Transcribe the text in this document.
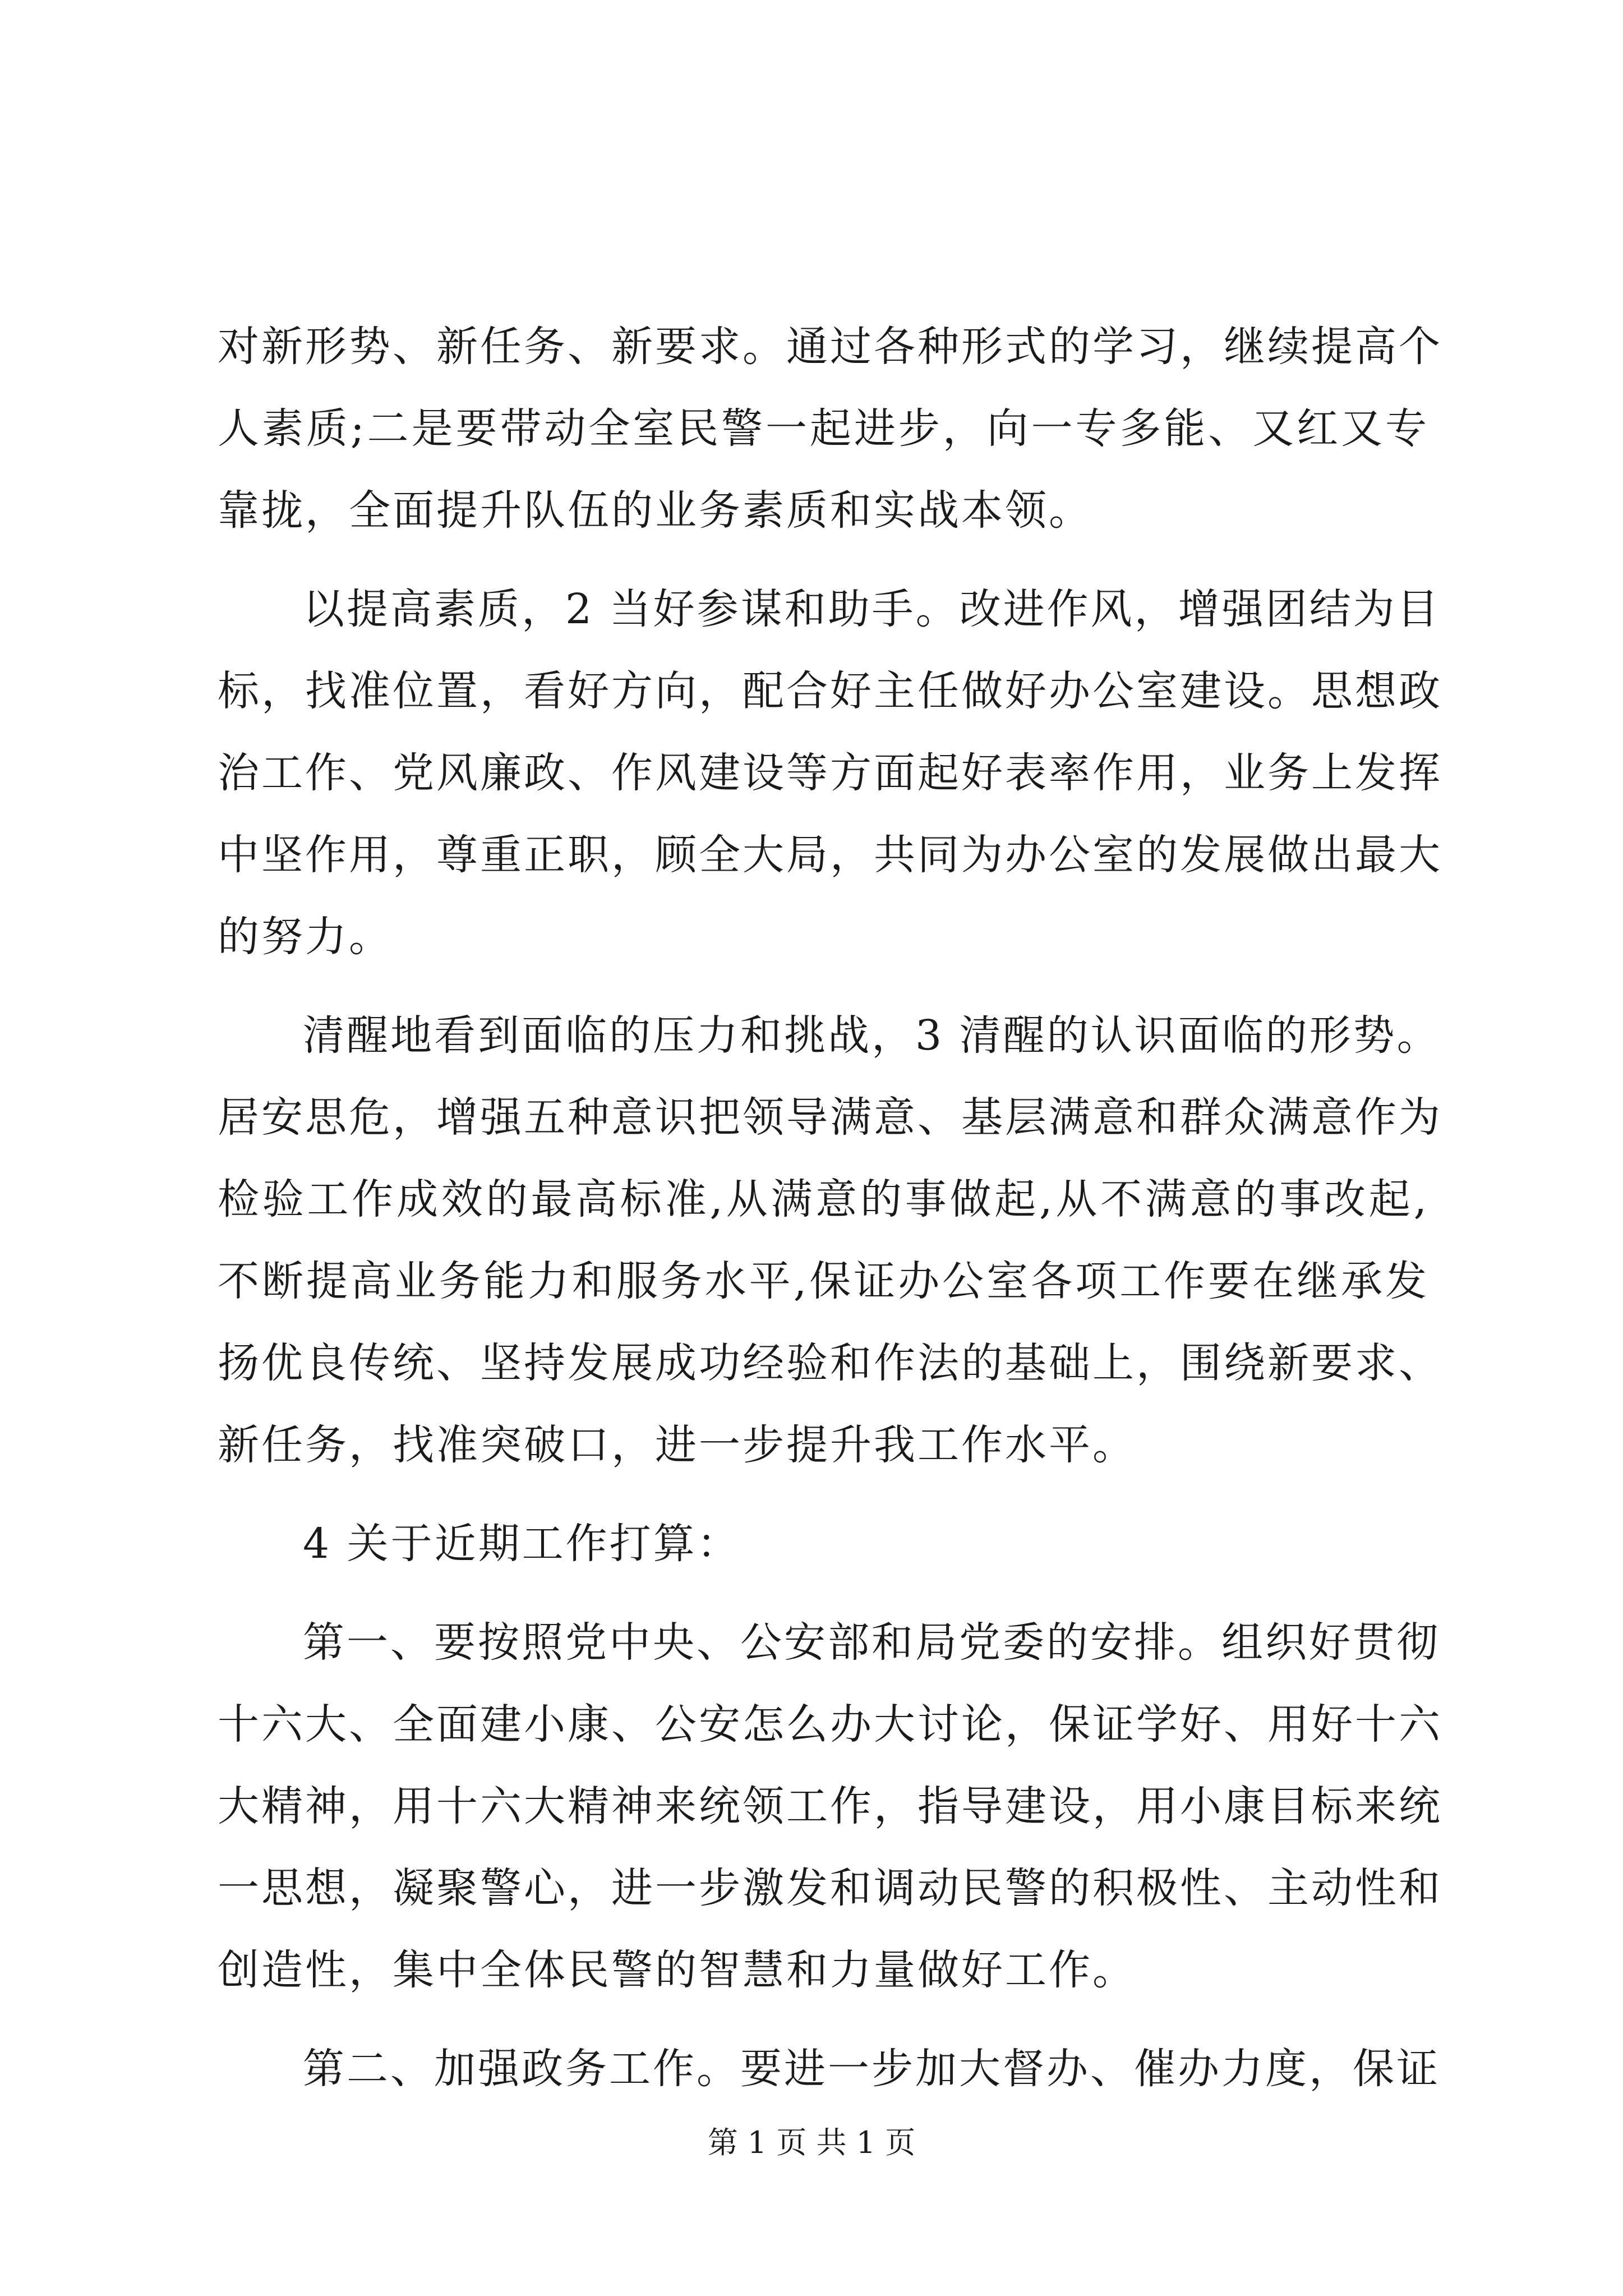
对新形势、新任务、新要求。通过各种形式的学习，继续提高个
人素质;二是要带动全室民警一起进步，向一专多能、又红又专
靠拢，全面提升队伍的业务素质和实战本领。
以提高素质，2 当好参谋和助手。改进作风，增强团结为目
标，找准位置，看好方向，配合好主任做好办公室建设。思想政
治工作、党风廉政、作风建设等方面起好表率作用，业务上发挥
中坚作用，尊重正职，顾全大局，共同为办公室的发展做出最大
的努力。
清醒地看到面临的压力和挑战，3 清醒的认识面临的形势。
居安思危，增强五种意识把领导满意、基层满意和群众满意作为
检验工作成效的最高标准,从满意的事做起,从不满意的事改起,
不断提高业务能力和服务水平,保证办公室各项工作要在继承发
扬优良传统、坚持发展成功经验和作法的基础上，围绕新要求、
新任务，找准突破口，进一步提升我工作水平。
4 关于近期工作打算：
第一、要按照党中央、公安部和局党委的安排。组织好贯彻
十六大、全面建小康、公安怎么办大讨论，保证学好、用好十六
大精神，用十六大精神来统领工作，指导建设，用小康目标来统
一思想，凝聚警心，进一步激发和调动民警的积极性、主动性和
创造性，集中全体民警的智慧和力量做好工作。
第二、加强政务工作。要进一步加大督办、催办力度，保证
第 1 页 共 1 页
